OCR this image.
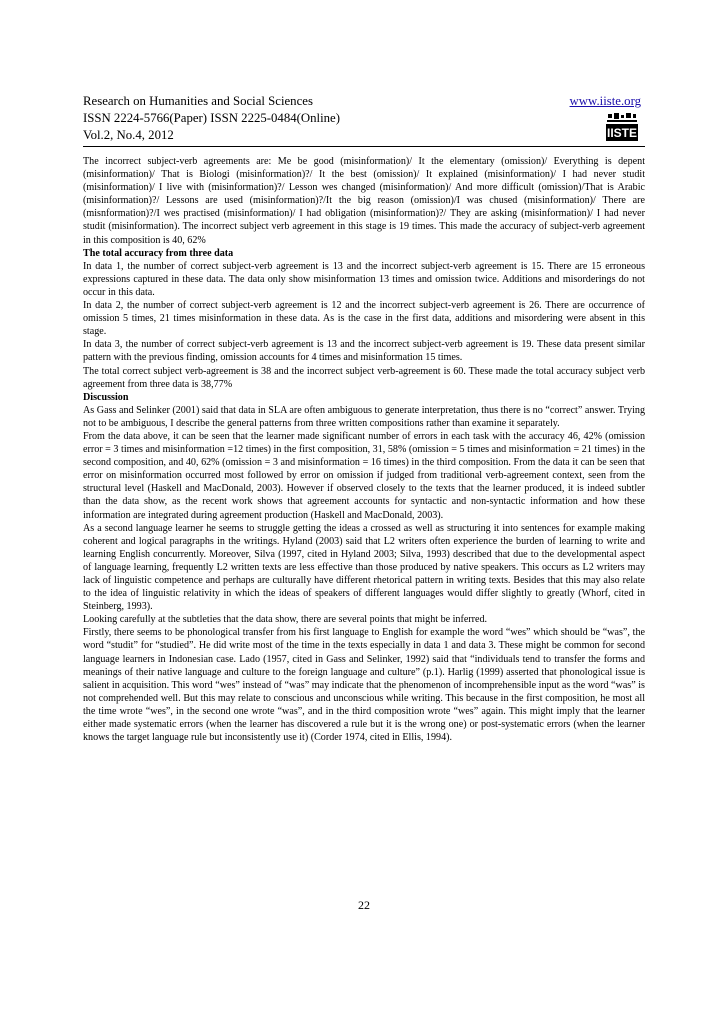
Research on Humanities and Social Sciences
ISSN 2224-5766(Paper) ISSN 2225-0484(Online)
Vol.2, No.4, 2012
www.iiste.org
IISTE

The incorrect subject-verb agreements are: Me be good (misinformation)/ It the elementary (omission)/ Everything is depent (misinformation)/ That is Biologi (misinformation)?/ It the best (omission)/ It explained (misinformation)/ I had never studit (misinformation)/ I live with (misinformation)?/ Lesson wes changed (misinformation)/ And more difficult (omission)/That is Arabic (misinformation)?/ Lessons are used (misinformation)?/It the big reason (omission)/I was chused (misinformation)/ There are (misnformation)?/I wes practised (misinformation)/ I had obligation (misinformation)?/ They are asking (misinformation)/ I had never studit (misinformation). The incorrect subject verb agreement in this stage is 19 times. This made the accuracy of subject-verb agreement in this composition is 40, 62%

The total accuracy from three data

In data 1, the number of correct subject-verb agreement is 13 and the incorrect subject-verb agreement is 15. There are 15 erroneous expressions captured in these data. The data only show misinformation 13 times and omission twice. Additions and misorderings do not occur in this data.

In data 2, the number of correct subject-verb agreement is 12 and the incorrect subject-verb agreement is 26. There are occurrence of omission 5 times, 21 times misinformation in these data. As is the case in the first data, additions and misordering were absent in this stage.

In data 3, the number of correct subject-verb agreement is 13 and the incorrect subject-verb agreement is 19. These data present similar pattern with the previous finding, omission accounts for 4 times and misinformation 15 times.

The total correct subject verb-agreement is 38 and the incorrect subject verb-agreement is 60. These made the total accuracy subject verb agreement from three data is 38,77%

Discussion

As Gass and Selinker (2001) said that data in SLA are often ambiguous to generate interpretation, thus there is no “correct” answer. Trying not to be ambiguous, I describe the general patterns from three written compositions rather than examine it separately.

From the data above, it can be seen that the learner made significant number of errors in each task with the accuracy 46, 42% (omission error = 3 times and misinformation =12 times) in the first composition, 31, 58% (omission = 5 times and misinformation = 21 times) in the second composition, and 40, 62% (omission = 3 and misinformation = 16 times) in the third composition. From the data it can be seen that error on misinformation occurred most followed by error on omission if judged from traditional verb-agreement context, seen from the structural level (Haskell and MacDonald, 2003). However if observed closely to the texts that the learner produced, it is indeed subtler than the data show, as the recent work shows that agreement accounts for syntactic and non-syntactic information and how these information are integrated during agreement production (Haskell and MacDonald, 2003).

As a second language learner he seems to struggle getting the ideas a crossed as well as structuring it into sentences for example making coherent and logical paragraphs in the writings. Hyland (2003) said that L2 writers often experience the burden of learning to write and learning English concurrently. Moreover, Silva (1997, cited in Hyland 2003; Silva, 1993) described that due to the developmental aspect of language learning, frequently L2 written texts are less effective than those produced by native speakers. This occurs as L2 writers may lack of linguistic competence and perhaps are culturally have different rhetorical pattern in writing texts. Besides that this may also relate to the idea of linguistic relativity in which the ideas of speakers of different languages would differ slightly to greatly (Whorf, cited in Steinberg, 1993).

Looking carefully at the subtleties that the data show, there are several points that might be inferred.

Firstly, there seems to be phonological transfer from his first language to English for example the word “wes” which should be “was”, the word “studit” for “studied”. He did write most of the time in the texts especially in data 1 and data 3. These might be common for second language learners in Indonesian case. Lado (1957, cited in Gass and Selinker, 1992) said that “individuals tend to transfer the forms and meanings of their native language and culture to the foreign language and culture” (p.1). Harlig (1999) asserted that phonological issue is salient in acquisition. This word “wes” instead of “was” may indicate that the phenomenon of incomprehensible input as the word “was” is not comprehended well. But this may relate to conscious and unconscious while writing. This because in the first composition, he most all the time wrote “wes”, in the second one wrote “was”, and in the third composition wrote “wes” again. This might imply that the learner either made systematic errors (when the learner has discovered a rule but it is the wrong one) or post-systematic errors (when the learner knows the target language rule but inconsistently use it) (Corder 1974, cited in Ellis, 1994).

22
